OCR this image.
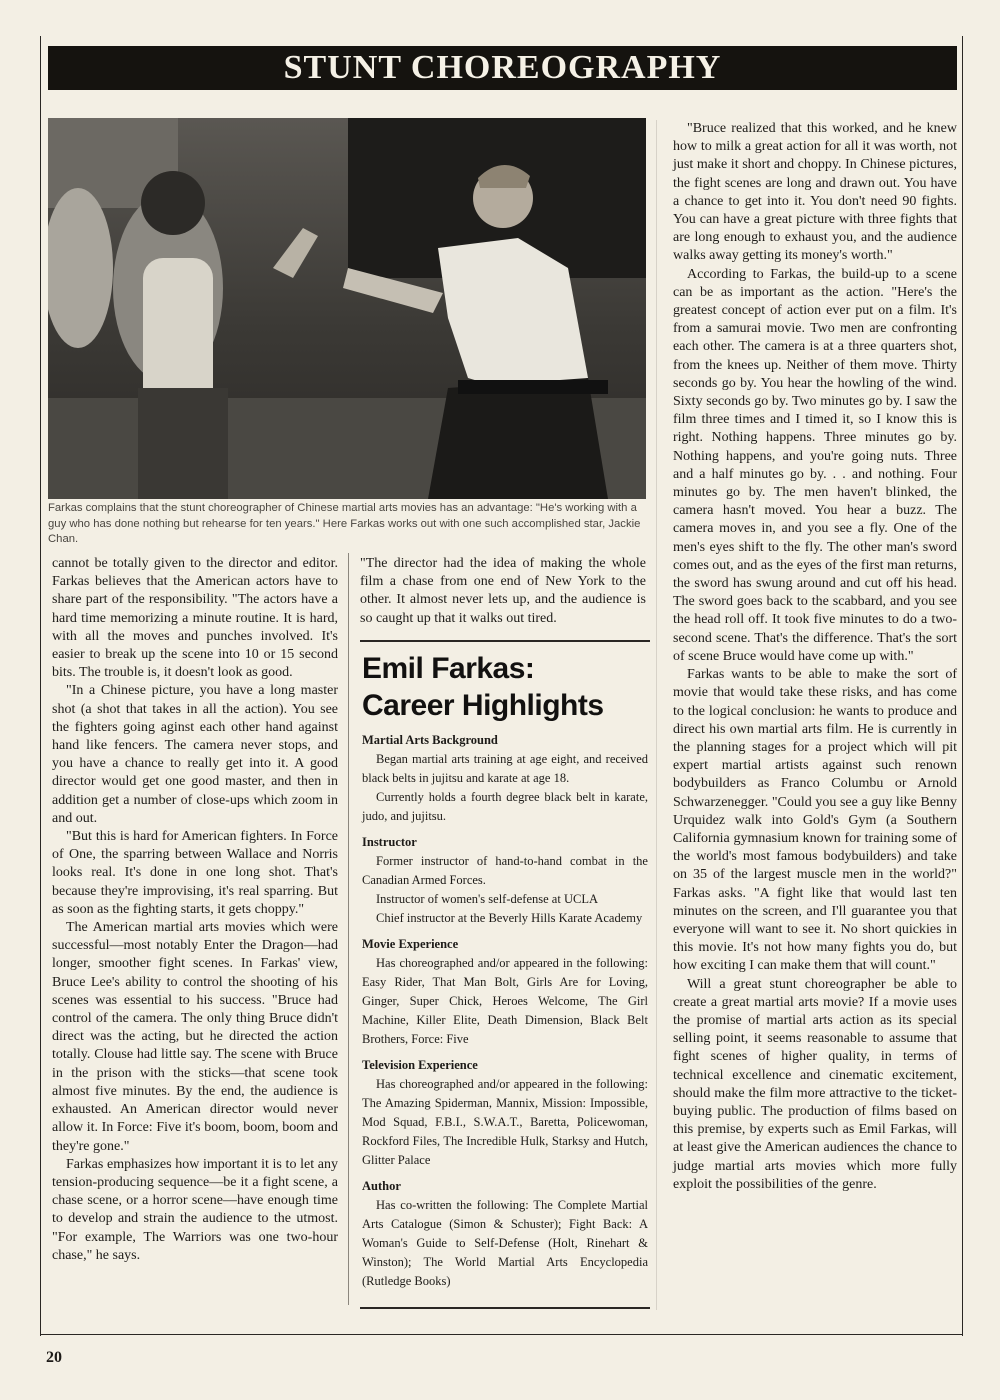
STUNT CHOREOGRAPHY
Farkas complains that the stunt choreographer of Chinese martial arts movies has an advantage: "He's working with a guy who has done nothing but rehearse for ten years." Here Farkas works out with one such accomplished star, Jackie Chan.

cannot be totally given to the director and editor. Farkas believes that the American actors have to share part of the responsibility. "The actors have a hard time memorizing a minute routine. It is hard, with all the moves and punches involved. It's easier to break up the scene into 10 or 15 second bits. The trouble is, it doesn't look as good.

"In a Chinese picture, you have a long master shot (a shot that takes in all the action). You see the fighters going aginst each other hand against hand like fencers. The camera never stops, and you have a chance to really get into it. A good director would get one good master, and then in addition get a number of close-ups which zoom in and out.

"But this is hard for American fighters. In Force of One, the sparring between Wallace and Norris looks real. It's done in one long shot. That's because they're improvising, it's real sparring. But as soon as the fighting starts, it gets choppy."

The American martial arts movies which were successful—most notably Enter the Dragon—had longer, smoother fight scenes. In Farkas' view, Bruce Lee's ability to control the shooting of his scenes was essential to his success. "Bruce had control of the camera. The only thing Bruce didn't direct was the acting, but he directed the action totally. Clouse had little say. The scene with Bruce in the prison with the sticks—that scene took almost five minutes. By the end, the audience is exhausted. An American director would never allow it. In Force: Five it's boom, boom, boom and they're gone."

Farkas emphasizes how important it is to let any tension-producing sequence—be it a fight scene, a chase scene, or a horror scene—have enough time to develop and strain the audience to the utmost. "For example, The Warriors was one two-hour chase," he says.

"The director had the idea of making the whole film a chase from one end of New York to the other. It almost never lets up, and the audience is so caught up that it walks out tired.

Emil Farkas:
Career Highlights
Martial Arts Background

Began martial arts training at age eight, and received black belts in jujitsu and karate at age 18.

Currently holds a fourth degree black belt in karate, judo, and jujitsu.

Instructor

Former instructor of hand-to-hand combat in the Canadian Armed Forces.

Instructor of women's self-defense at UCLA

Chief instructor at the Beverly Hills Karate Academy

Movie Experience

Has choreographed and/or appeared in the following: Easy Rider, That Man Bolt, Girls Are for Loving, Ginger, Super Chick, Heroes Welcome, The Girl Machine, Killer Elite, Death Dimension, Black Belt Brothers, Force: Five

Television Experience

Has choreographed and/or appeared in the following: The Amazing Spiderman, Mannix, Mission: Impossible, Mod Squad, F.B.I., S.W.A.T., Baretta, Policewoman, Rockford Files, The Incredible Hulk, Starksy and Hutch, Glitter Palace

Author

Has co-written the following: The Complete Martial Arts Catalogue (Simon & Schuster); Fight Back: A Woman's Guide to Self-Defense (Holt, Rinehart & Winston); The World Martial Arts Encyclopedia (Rutledge Books)

"Bruce realized that this worked, and he knew how to milk a great action for all it was worth, not just make it short and choppy. In Chinese pictures, the fight scenes are long and drawn out. You have a chance to get into it. You don't need 90 fights. You can have a great picture with three fights that are long enough to exhaust you, and the audience walks away getting its money's worth."

According to Farkas, the build-up to a scene can be as important as the action. "Here's the greatest concept of action ever put on a film. It's from a samurai movie. Two men are confronting each other. The camera is at a three quarters shot, from the knees up. Neither of them move. Thirty seconds go by. You hear the howling of the wind. Sixty seconds go by. Two minutes go by. I saw the film three times and I timed it, so I know this is right. Nothing happens. Three minutes go by. Nothing happens, and you're going nuts. Three and a half minutes go by. . . and nothing. Four minutes go by. The men haven't blinked, the camera hasn't moved. You hear a buzz. The camera moves in, and you see a fly. One of the men's eyes shift to the fly. The other man's sword comes out, and as the eyes of the first man returns, the sword has swung around and cut off his head. The sword goes back to the scabbard, and you see the head roll off. It took five minutes to do a two-second scene. That's the difference. That's the sort of scene Bruce would have come up with."

Farkas wants to be able to make the sort of movie that would take these risks, and has come to the logical conclusion: he wants to produce and direct his own martial arts film. He is currently in the planning stages for a project which will pit expert martial artists against such renown bodybuilders as Franco Columbu or Arnold Schwarzenegger. "Could you see a guy like Benny Urquidez walk into Gold's Gym (a Southern California gymnasium known for training some of the world's most famous bodybuilders) and take on 35 of the largest muscle men in the world?" Farkas asks. "A fight like that would last ten minutes on the screen, and I'll guarantee you that everyone will want to see it. No short quickies in this movie. It's not how many fights you do, but how exciting I can make them that will count."

Will a great stunt choreographer be able to create a great martial arts movie? If a movie uses the promise of martial arts action as its special selling point, it seems reasonable to assume that fight scenes of higher quality, in terms of technical excellence and cinematic excitement, should make the film more attractive to the ticket-buying public. The production of films based on this premise, by experts such as Emil Farkas, will at least give the American audiences the chance to judge martial arts movies which more fully exploit the possibilities of the genre.

20
